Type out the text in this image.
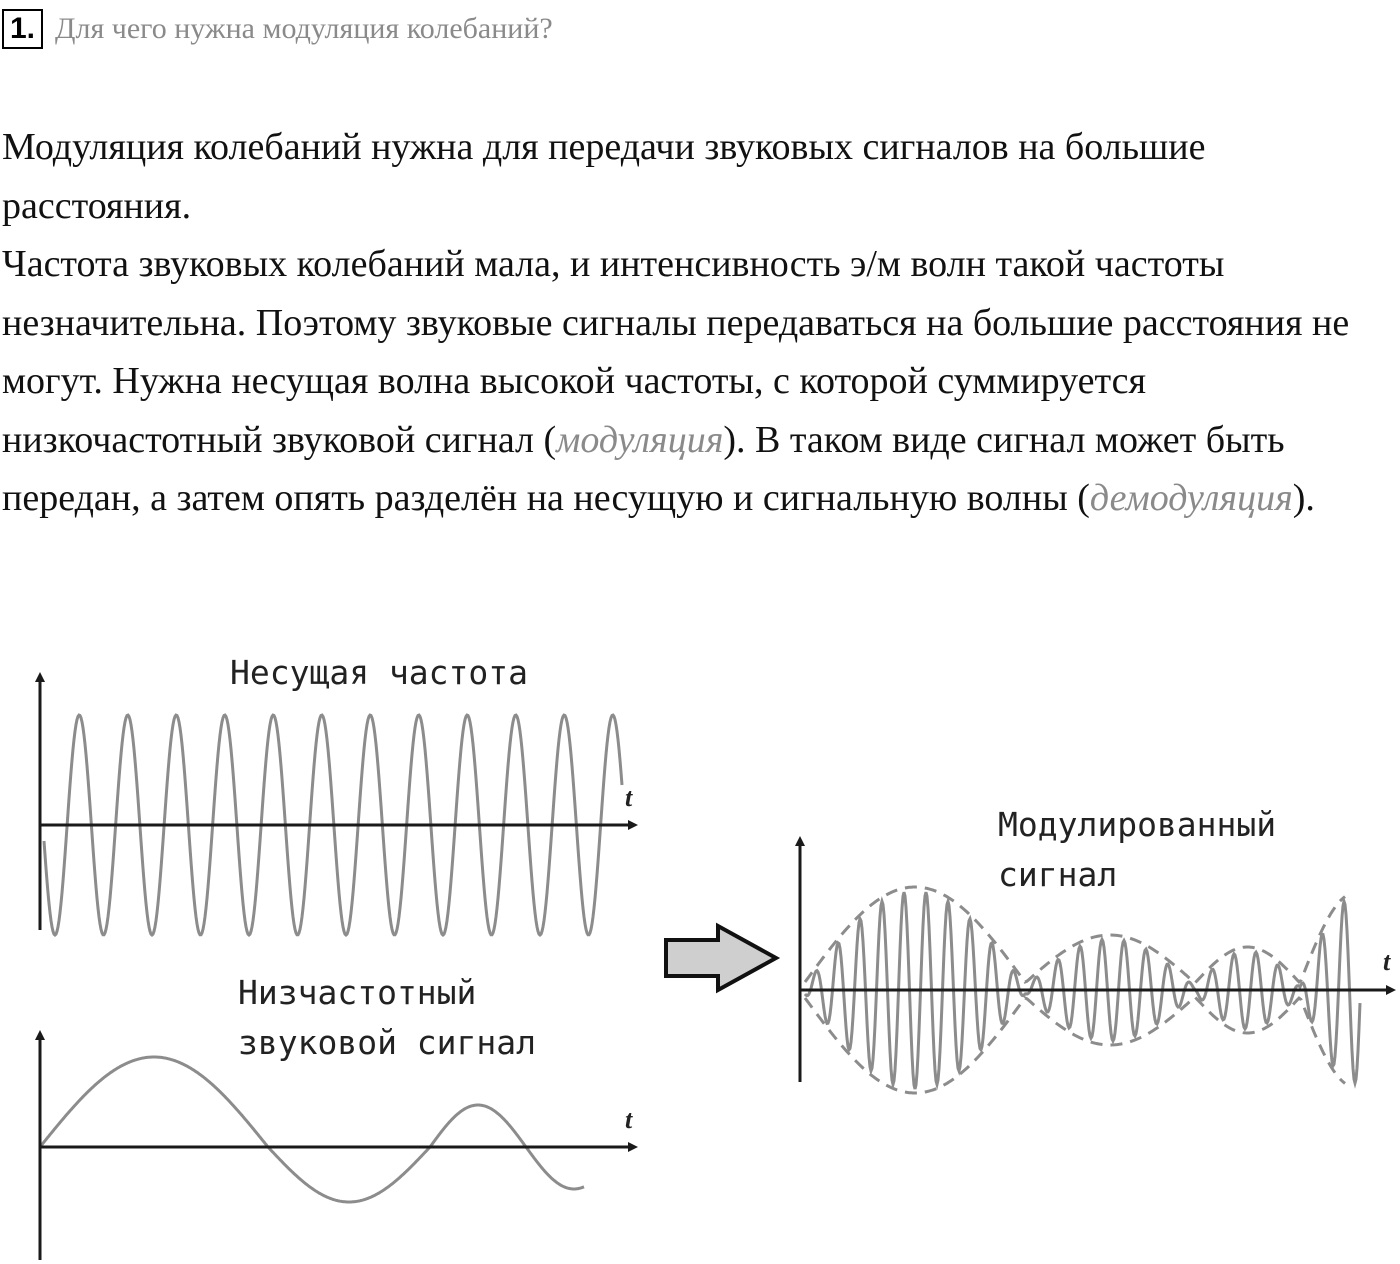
1. Для чего нужна модуляция колебаний?

Модуляция колебаний нужна для передачи звуковых сигналов на большие расстояния.

Частота звуковых колебаний мала, и интенсивность э/м волн такой частоты незначительна. Поэтому звуковые сигналы передаваться на большие расстояния не могут. Нужна несущая волна высокой частоты, с которой суммируется низкочастотный звуковой сигнал (модуляция). В таком виде сигнал может быть передан, а затем опять разделён на несущую и сигнальную волны (демодуляция).

t
t
t
Несущая частота
Низчастотный
звуковой сигнал
Модулированный
сигнал
